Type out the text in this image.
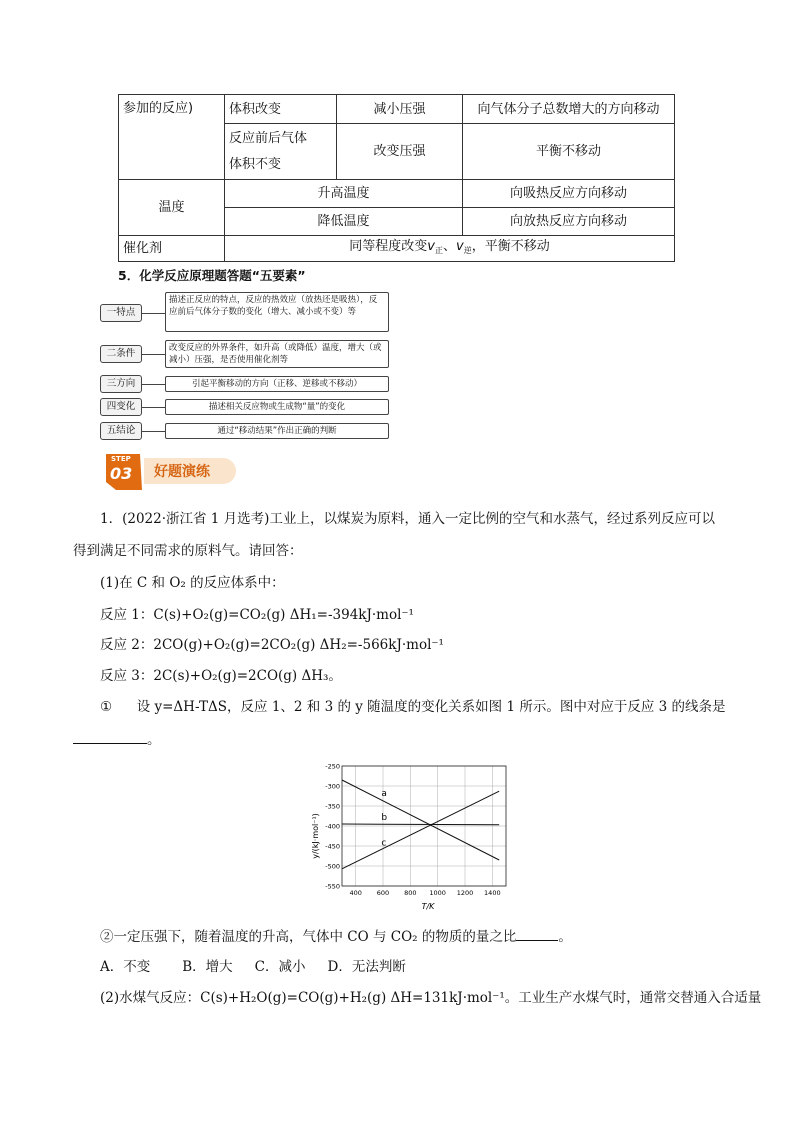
参加的反应)	体积改变	减小压强	向气体分子总数增大的方向移动

	反应前后气体
体积不变	改变压强	平衡不移动
温度	升高温度		向吸热反应方向移动
	降低温度		向放热反应方向移动
催化剂	同等程度改变$v_正$、$v_逆$，平衡不移动		
5．化学反应原理题答题“五要素”
一特点
描述正反应的特点，反应的热效应（放热还是吸热），反应前后气体分子数的变化（增大、减小或不变）等
二条件	改变反应的外界条件，如升高（或降低）温度，增大（或减小）压强，是否使用催化剂等
三方向	引起平衡移动的方向（正移、逆移或不移动）
四变化	描述相关反应物或生成物“量”的变化
五结论	通过“移动结果”作出正确的判断
STEP
03 好题演练
1．(2022·浙江省 1 月选考)工业上，以煤炭为原料，通入一定比例的空气和水蒸气，经过系列反应可以
得到满足不同需求的原料气。请回答：
(1)在 C 和 O₂ 的反应体系中：
反应 1：C(s)+O₂(g)=CO₂(g) ΔH₁=-394kJ·mol⁻¹
反应 2：2CO(g)+O₂(g)=2CO₂(g) ΔH₂=-566kJ·mol⁻¹
反应 3：2C(s)+O₂(g)=2CO(g) ΔH₃。
① 设 y=ΔH-TΔS，反应 1、2 和 3 的 y 随温度的变化关系如图 1 所示。图中对应于反应 3 的线条是
。
-250
-300
-350
-400
-450
-500
-550
400 600 800 1000 1200 1400
a
b
c
y/(kJ·mol⁻¹)
T/K
②一定压强下，随着温度的升高，气体中 CO 与 CO₂ 的物质的量之比	。
A．不变 B．增大 C．减小 D．无法判断
(2)水煤气反应：C(s)+H₂O(g)=CO(g)+H₂(g) ΔH=131kJ·mol⁻¹。工业生产水煤气时，通常交替通入合适量
